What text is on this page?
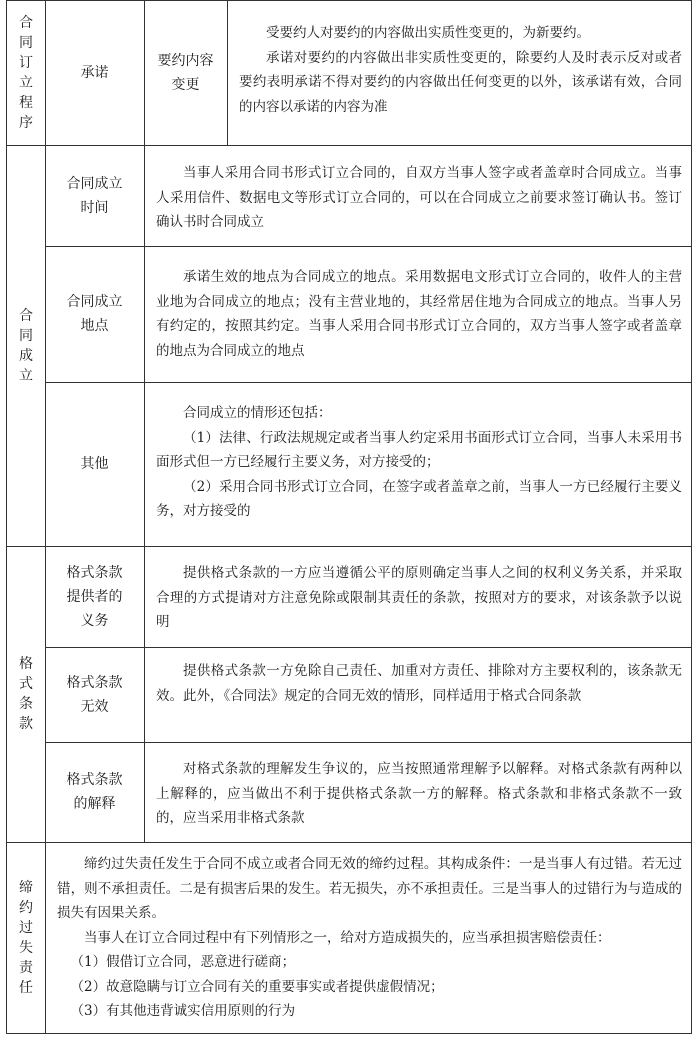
合同订立程序
承诺
要约内容变更

受要约人对要约的内容做出实质性变更的，为新要约。

承诺对要约的内容做出非实质性变更的，除要约人及时表示反对或者要约表明承诺不得对要约的内容做出任何变更的以外，该承诺有效，合同的内容以承诺的内容为准

合同成立
合同成立时间

当事人采用合同书形式订立合同的，自双方当事人签字或者盖章时合同成立。当事人采用信件、数据电文等形式订立合同的，可以在合同成立之前要求签订确认书。签订确认书时合同成立

合同成立地点

承诺生效的地点为合同成立的地点。采用数据电文形式订立合同的，收件人的主营业地为合同成立的地点；没有主营业地的，其经常居住地为合同成立的地点。当事人另有约定的，按照其约定。当事人采用合同书形式订立合同的，双方当事人签字或者盖章的地点为合同成立的地点

其他

合同成立的情形还包括：

（1）法律、行政法规规定或者当事人约定采用书面形式订立合同，当事人未采用书面形式但一方已经履行主要义务，对方接受的；

（2）采用合同书形式订立合同，在签字或者盖章之前，当事人一方已经履行主要义务，对方接受的

格式条款
格式条款提供者的义务

提供格式条款的一方应当遵循公平的原则确定当事人之间的权利义务关系，并采取合理的方式提请对方注意免除或限制其责任的条款，按照对方的要求，对该条款予以说明

格式条款无效

提供格式条款一方免除自己责任、加重对方责任、排除对方主要权利的，该条款无效。此外，《合同法》规定的合同无效的情形，同样适用于格式合同条款

格式条款的解释

对格式条款的理解发生争议的，应当按照通常理解予以解释。对格式条款有两种以上解释的，应当做出不利于提供格式条款一方的解释。格式条款和非格式条款不一致的，应当采用非格式条款

缔约过失责任

缔约过失责任发生于合同不成立或者合同无效的缔约过程。其构成条件：一是当事人有过错。若无过错，则不承担责任。二是有损害后果的发生。若无损失，亦不承担责任。三是当事人的过错行为与造成的损失有因果关系。

当事人在订立合同过程中有下列情形之一，给对方造成损失的，应当承担损害赔偿责任：

（1）假借订立合同，恶意进行磋商；

（2）故意隐瞒与订立合同有关的重要事实或者提供虚假情况；

（3）有其他违背诚实信用原则的行为
